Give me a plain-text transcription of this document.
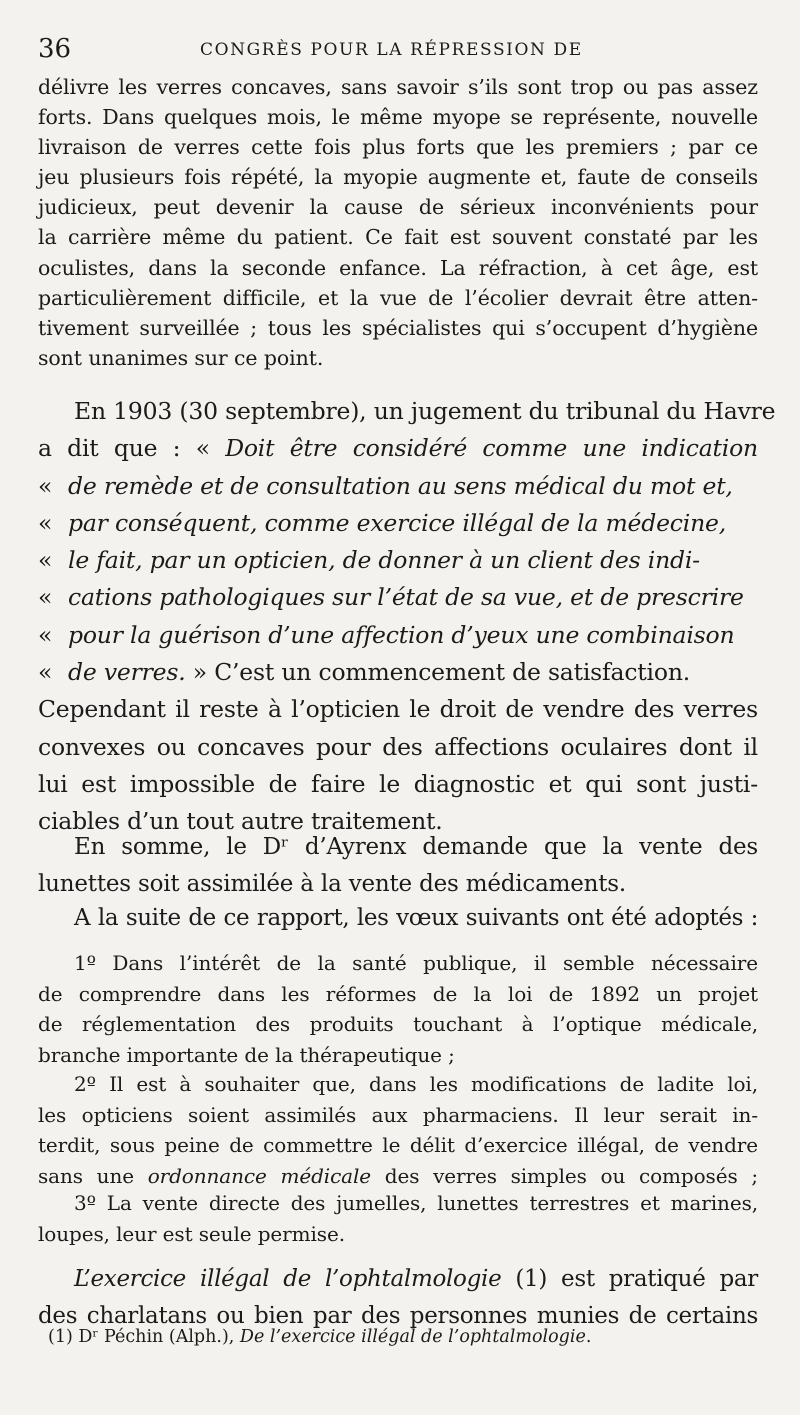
36	CONGRÈS POUR LA RÉPRESSION DE
délivre les verres concaves, sans savoir s’ils sont trop ou pas assez
forts. Dans quelques mois, le même myope se représente, nouvelle
livraison de verres cette fois plus forts que les premiers ; par ce
jeu plusieurs fois répété, la myopie augmente et, faute de conseils
judicieux, peut devenir la cause de sérieux inconvénients pour
la carrière même du patient. Ce fait est souvent constaté par les
oculistes, dans la seconde enfance. La réfraction, à cet âge, est
particulièrement difficile, et la vue de l’écolier devrait être atten-
tivement surveillée ; tous les spécialistes qui s’occupent d’hygiène
sont unanimes sur ce point.
En 1903 (30 septembre), un jugement du tribunal du Havre
a dit que : « Doit être considéré comme une indication
« de remède et de consultation au sens médical du mot et,
« par conséquent, comme exercice illégal de la médecine,
« le fait, par un opticien, de donner à un client des indi-
« cations pathologiques sur l’état de sa vue, et de prescrire
« pour la guérison d’une affection d’yeux une combinaison
« de verres. » C’est un commencement de satisfaction.
Cependant il reste à l’opticien le droit de vendre des verres
convexes ou concaves pour des affections oculaires dont il
lui est impossible de faire le diagnostic et qui sont justi-
ciables d’un tout autre traitement.
En somme, le Dʳ d’Ayrenx demande que la vente des
lunettes soit assimilée à la vente des médicaments.
A la suite de ce rapport, les vœux suivants ont été adoptés :
1º Dans l’intérêt de la santé publique, il semble nécessaire
de comprendre dans les réformes de la loi de 1892 un projet
de réglementation des produits touchant à l’optique médicale,
branche importante de la thérapeutique ;
2º Il est à souhaiter que, dans les modifications de ladite loi,
les opticiens soient assimilés aux pharmaciens. Il leur serait in-
terdit, sous peine de commettre le délit d’exercice illégal, de vendre
sans une ordonnance médicale des verres simples ou composés ;
3º La vente directe des jumelles, lunettes terrestres et marines,
loupes, leur est seule permise.
L’exercice illégal de l’ophtalmologie (1) est pratiqué par
des charlatans ou bien par des personnes munies de certains
(1) Dʳ Péchin (Alph.), De l’exercice illégal de l’ophtalmologie.
